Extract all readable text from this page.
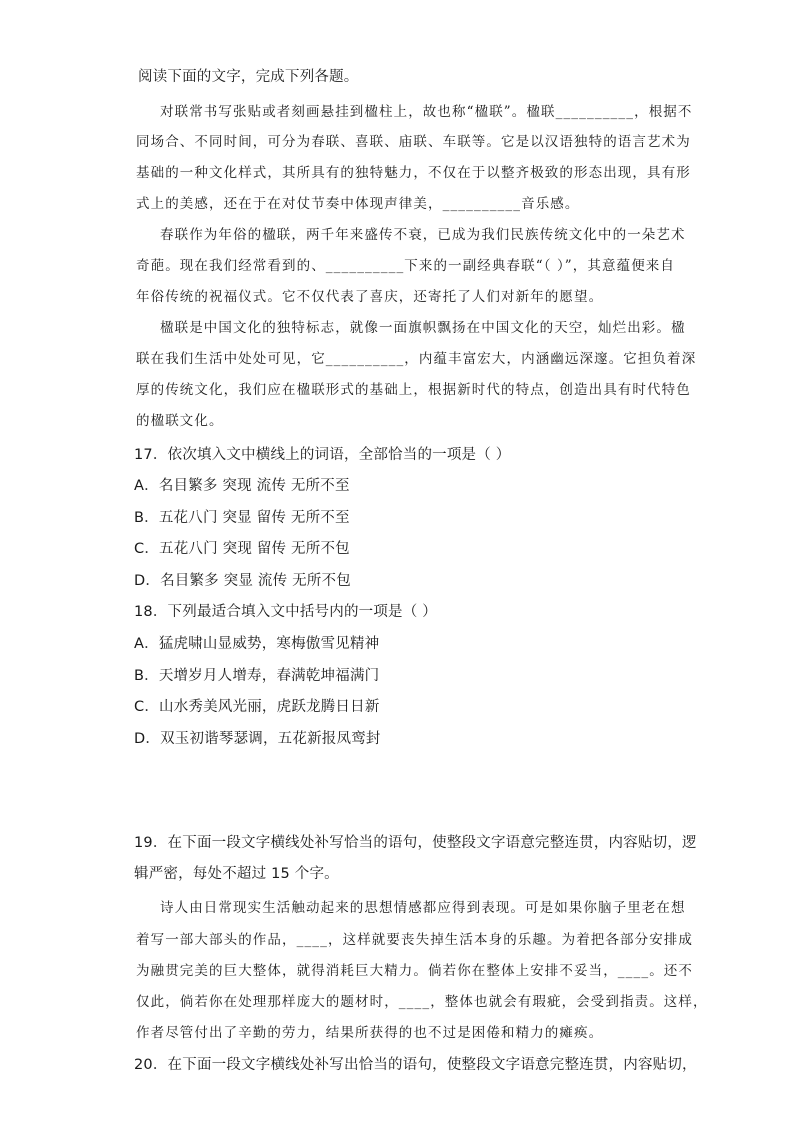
阅读下面的文字，完成下列各题。
对联常书写张贴或者刻画悬挂到楹柱上，故也称“楹联”。楹联__________，根据不
同场合、不同时间，可分为春联、喜联、庙联、车联等。它是以汉语独特的语言艺术为
基础的一种文化样式，其所具有的独特魅力，不仅在于以整齐极致的形态出现，具有形
式上的美感，还在于在对仗节奏中体现声律美，__________音乐感。
春联作为年俗的楹联，两千年来盛传不衰，已成为我们民族传统文化中的一朵艺术
奇葩。现在我们经常看到的、__________下来的一副经典春联“（ ）”，其意蕴便来自
年俗传统的祝福仪式。它不仅代表了喜庆，还寄托了人们对新年的愿望。
楹联是中国文化的独特标志，就像一面旗帜飘扬在中国文化的天空，灿烂出彩。楹
联在我们生活中处处可见，它__________，内蕴丰富宏大，内涵幽远深邃。它担负着深
厚的传统文化，我们应在楹联形式的基础上，根据新时代的特点，创造出具有时代特色
的楹联文化。
17．依次填入文中横线上的词语，全部恰当的一项是（ ）
A．名目繁多 突现 流传 无所不至
B．五花八门 突显 留传 无所不至
C．五花八门 突现 留传 无所不包
D．名目繁多 突显 流传 无所不包
18．下列最适合填入文中括号内的一项是（ ）
A．猛虎啸山显威势，寒梅傲雪见精神
B．天增岁月人增寿，春满乾坤福满门
C．山水秀美风光丽，虎跃龙腾日日新
D．双玉初谐琴瑟调，五花新报凤鸾封
19．在下面一段文字横线处补写恰当的语句，使整段文字语意完整连贯，内容贴切，逻
辑严密，每处不超过 15 个字。
诗人由日常现实生活触动起来的思想情感都应得到表现。可是如果你脑子里老在想
着写一部大部头的作品，____，这样就要丧失掉生活本身的乐趣。为着把各部分安排成
为融贯完美的巨大整体，就得消耗巨大精力。倘若你在整体上安排不妥当，____。还不
仅此，倘若你在处理那样庞大的题材时，____，整体也就会有瑕疵，会受到指责。这样，
作者尽管付出了辛勤的劳力，结果所获得的也不过是困倦和精力的瘫痪。
20．在下面一段文字横线处补写出恰当的语句，使整段文字语意完整连贯，内容贴切，
